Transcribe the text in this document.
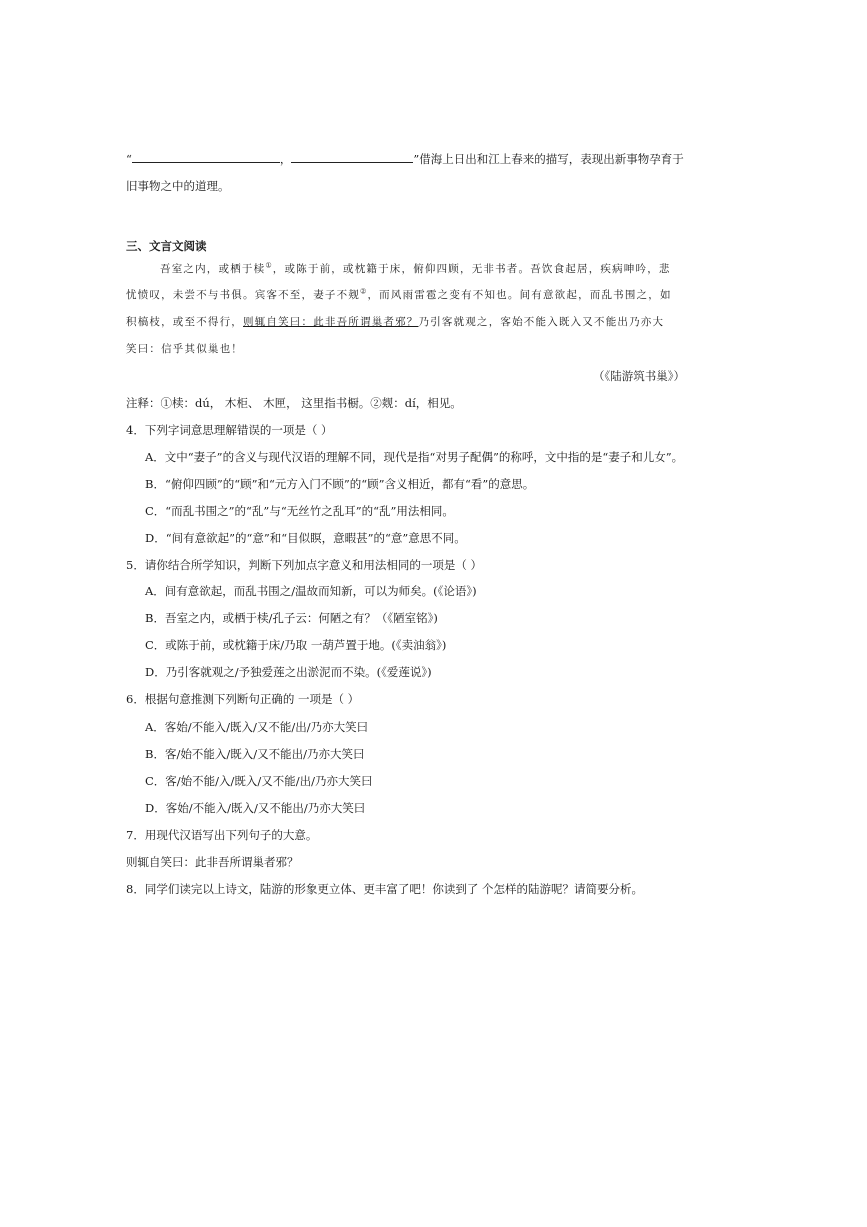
“	，	”借海上日出和江上春来的描写，表现出新事物孕育于
旧事物之中的道理。
三、文言文阅读
吾室之内，或栖于椟①，或陈于前，或枕籍于床，俯仰四顾，无非书者。吾饮食起居，疾病呻吟，悲
忧愤叹，未尝不与书俱。宾客不至，妻子不觌②，而风雨雷雹之变有不知也。间有意欲起，而乱书围之，如
积槁枝，或至不得行，则辄自笑曰：此非吾所谓巢者邪？乃引客就观之，客始不能入既入又不能出乃亦大
笑曰：信乎其似巢也！
（《陆游筑书巢》）
注释：①椟：dú， 木柜、 木匣， 这里指书橱。②觌：dí，相见。
4．下列字词意思理解错误的一项是（ ）
A．文中“妻子”的含义与现代汉语的理解不同，现代是指“对男子配偶”的称呼，文中指的是“妻子和儿女”。
B．“俯仰四顾”的“顾”和“元方入门不顾”的“顾”含义相近，都有“看”的意思。
C．“而乱书围之”的“乱”与“无丝竹之乱耳”的“乱”用法相同。
D．“间有意欲起”的“意”和“目似瞑，意暇甚”的“意”意思不同。
5．请你结合所学知识，判断下列加点字意义和用法相同的一项是（ ）
A．间有意欲起，而乱书围之/温故而知新，可以为师矣。(《论语》)
B．吾室之内，或栖于椟/孔子云：何陋之有？（《陋室铭》)
C．或陈于前，或枕籍于床/乃取 一葫芦置于地。(《卖油翁》)
D．乃引客就观之/予独爱莲之出淤泥而不染。(《爱莲说》)
6．根据句意推测下列断句正确的 一项是（ ）
A．客始/不能入/既入/又不能/出/乃亦大笑曰
B．客/始不能入/既入/又不能出/乃亦大笑曰
C．客/始不能/入/既入/又不能/出/乃亦大笑曰
D．客始/不能入/既入/又不能出/乃亦大笑曰
7．用现代汉语写出下列句子的大意。
则辄自笑曰：此非吾所谓巢者邪？
8．同学们读完以上诗文，陆游的形象更立体、更丰富了吧！你读到了 个怎样的陆游呢？请简要分析。
